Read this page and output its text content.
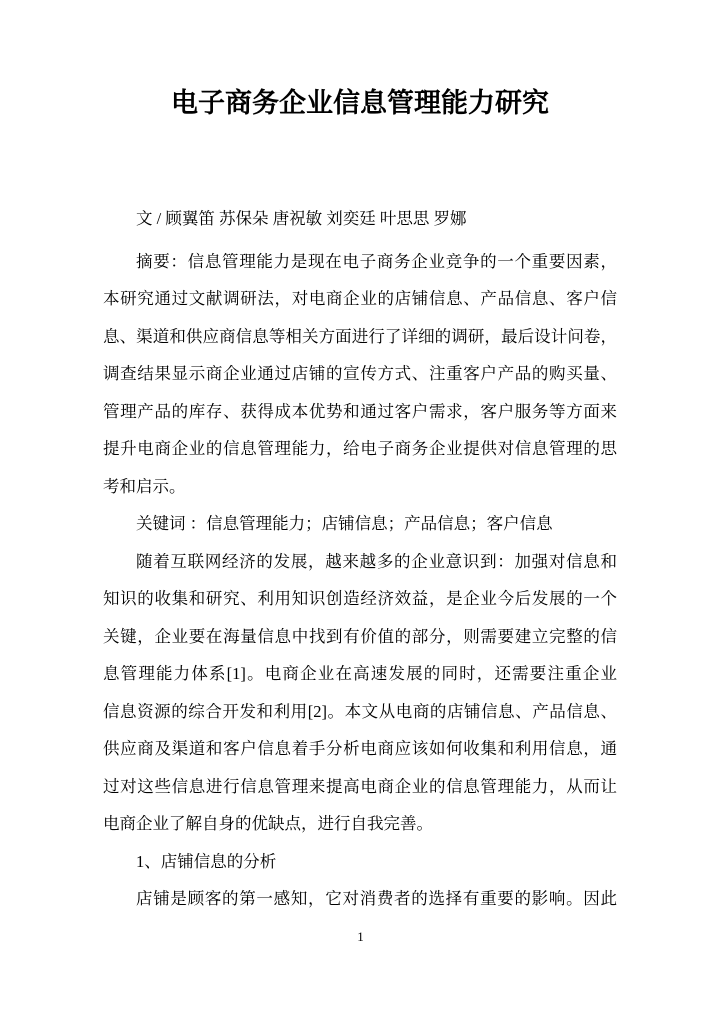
电子商务企业信息管理能力研究
文 / 顾翼笛 苏保朵 唐祝敏 刘奕廷 叶思思 罗娜
摘要：信息管理能力是现在电子商务企业竞争的一个重要因素，
本研究通过文献调研法，对电商企业的店铺信息、产品信息、客户信
息、渠道和供应商信息等相关方面进行了详细的调研，最后设计问卷，
调查结果显示商企业通过店铺的宣传方式、注重客户产品的购买量、
管理产品的库存、获得成本优势和通过客户需求，客户服务等方面来
提升电商企业的信息管理能力，给电子商务企业提供对信息管理的思
考和启示。
关键词 ：信息管理能力；店铺信息；产品信息；客户信息
随着互联网经济的发展，越来越多的企业意识到：加强对信息和
知识的收集和研究、利用知识创造经济效益，是企业今后发展的一个
关键，企业要在海量信息中找到有价值的部分，则需要建立完整的信
息管理能力体系[1]。电商企业在高速发展的同时，还需要注重企业
信息资源的综合开发和利用[2]。本文从电商的店铺信息、产品信息、
供应商及渠道和客户信息着手分析电商应该如何收集和利用信息，通
过对这些信息进行信息管理来提高电商企业的信息管理能力，从而让
电商企业了解自身的优缺点，进行自我完善。
1、店铺信息的分析
店铺是顾客的第一感知，它对消费者的选择有重要的影响。因此
1
